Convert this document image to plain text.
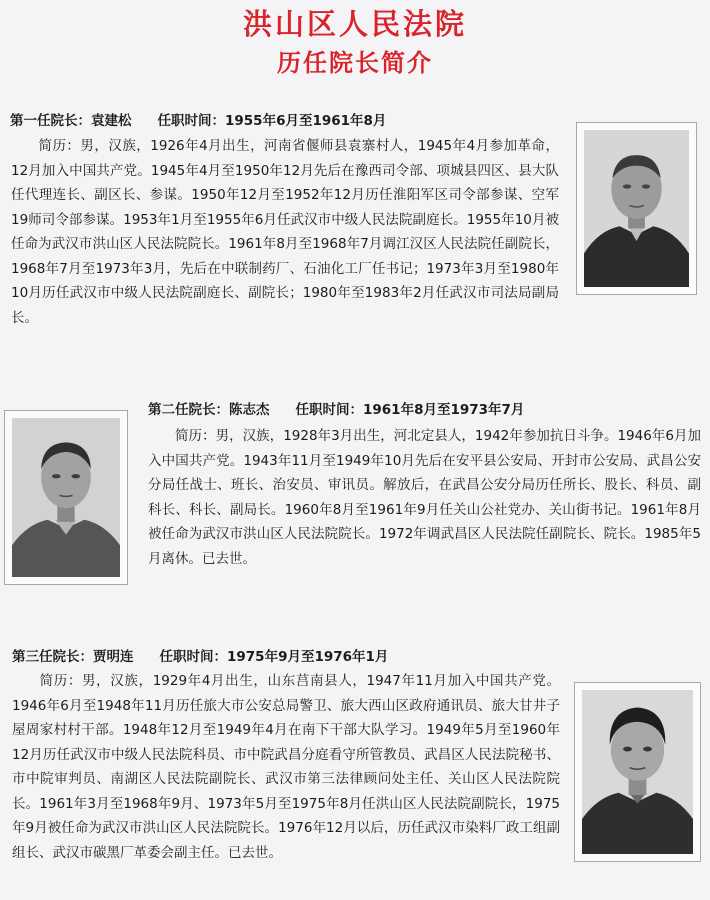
洪山区人民法院
历任院长简介
第一任院长：袁建松 任职时间：1955年6月至1961年8月

简历：男，汉族，1926年4月出生，河南省偃师县袁寨村人，1945年4月参加革命，12月加入中国共产党。1945年4月至1950年12月先后在豫西司令部、项城县四区、县大队任代理连长、副区长、参谋。1950年12月至1952年12月历任淮阳军区司令部参谋、空军19师司令部参谋。1953年1月至1955年6月任武汉市中级人民法院副庭长。1955年10月被任命为武汉市洪山区人民法院院长。1961年8月至1968年7月调江汉区人民法院任副院长，1968年7月至1973年3月，先后在中联制药厂、石油化工厂任书记；1973年3月至1980年10月历任武汉市中级人民法院副庭长、副院长；1980年至1983年2月任武汉市司法局副局长。

第二任院长：陈志杰 任职时间：1961年8月至1973年7月

简历：男，汉族，1928年3月出生，河北定县人，1942年参加抗日斗争。1946年6月加入中国共产党。1943年11月至1949年10月先后在安平县公安局、开封市公安局、武昌公安分局任战士、班长、治安员、审讯员。解放后，在武昌公安分局历任所长、股长、科员、副科长、科长、副局长。1960年8月至1961年9月任关山公社党办、关山街书记。1961年8月被任命为武汉市洪山区人民法院院长。1972年调武昌区人民法院任副院长、院长。1985年5月离休。已去世。

第三任院长：贾明连 任职时间：1975年9月至1976年1月

简历：男，汉族，1929年4月出生，山东莒南县人，1947年11月加入中国共产党。1946年6月至1948年11月历任旅大市公安总局警卫、旅大西山区政府通讯员、旅大甘井子屋周家村村干部。1948年12月至1949年4月在南下干部大队学习。1949年5月至1960年12月历任武汉市中级人民法院科员、市中院武昌分庭看守所管教员、武昌区人民法院秘书、市中院审判员、南湖区人民法院副院长、武汉市第三法律顾问处主任、关山区人民法院院长。1961年3月至1968年9月、1973年5月至1975年8月任洪山区人民法院副院长，1975年9月被任命为武汉市洪山区人民法院院长。1976年12月以后，历任武汉市染料厂政工组副组长、武汉市碳黑厂革委会副主任。已去世。
